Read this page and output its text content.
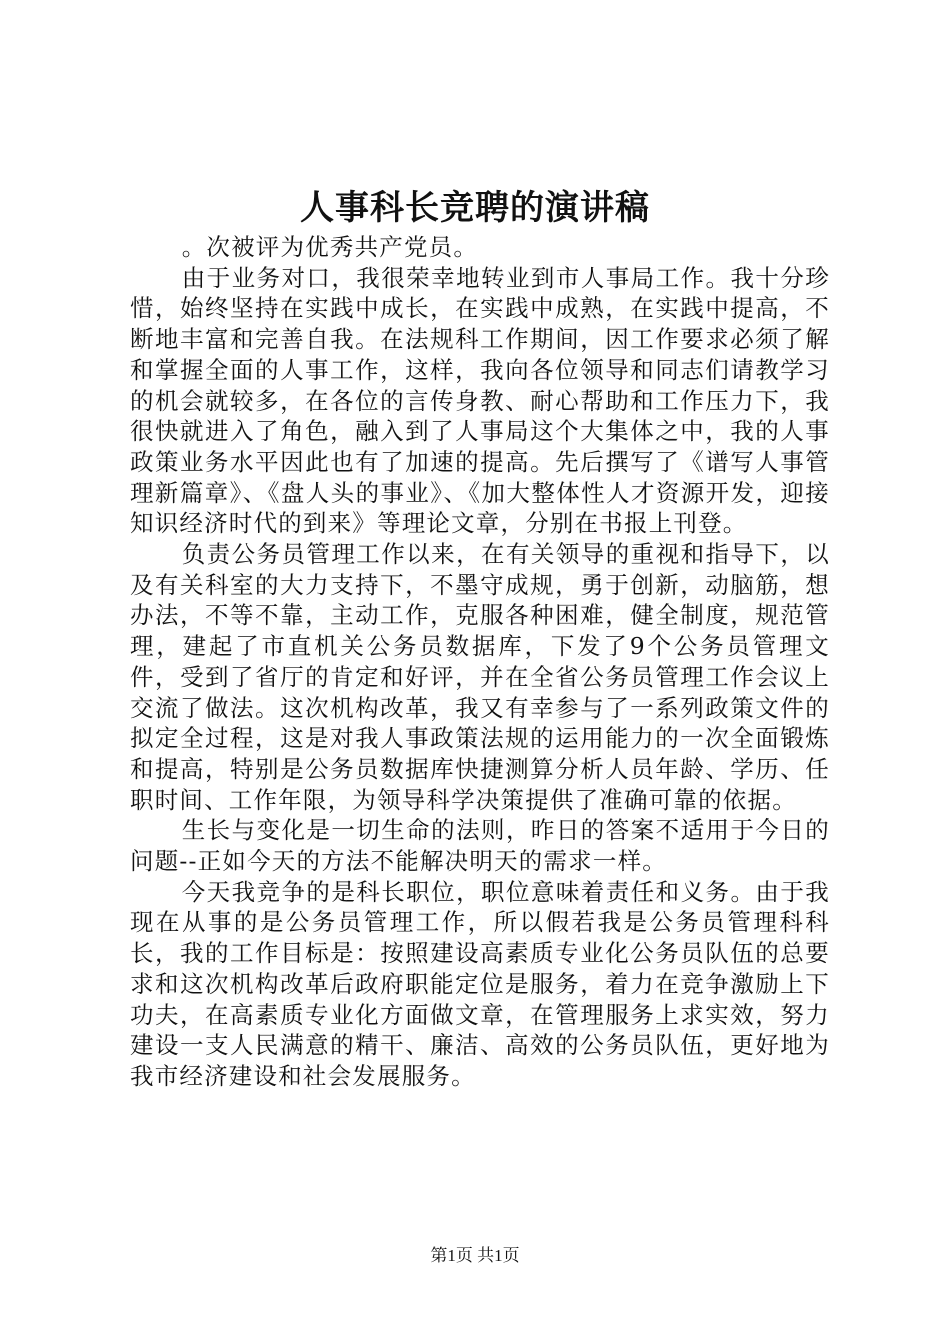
人事科长竞聘的演讲稿

。次被评为优秀共产党员。

由于业务对口，我很荣幸地转业到市人事局工作。我十分珍惜，始终坚持在实践中成长，在实践中成熟，在实践中提高，不断地丰富和完善自我。在法规科工作期间，因工作要求必须了解和掌握全面的人事工作，这样，我向各位领导和同志们请教学习的机会就较多，在各位的言传身教、耐心帮助和工作压力下，我很快就进入了角色，融入到了人事局这个大集体之中，我的人事政策业务水平因此也有了加速的提高。先后撰写了《谱写人事管理新篇章》、《盘人头的事业》、《加大整体性人才资源开发，迎接知识经济时代的到来》等理论文章，分别在书报上刊登。

负责公务员管理工作以来，在有关领导的重视和指导下，以及有关科室的大力支持下，不墨守成规，勇于创新，动脑筋，想办法，不等不靠，主动工作，克服各种困难，健全制度，规范管理，建起了市直机关公务员数据库，下发了9个公务员管理文件，受到了省厅的肯定和好评，并在全省公务员管理工作会议上交流了做法。这次机构改革，我又有幸参与了一系列政策文件的拟定全过程，这是对我人事政策法规的运用能力的一次全面锻炼和提高，特别是公务员数据库快捷测算分析人员年龄、学历、任职时间、工作年限，为领导科学决策提供了准确可靠的依据。

生长与变化是一切生命的法则，昨日的答案不适用于今日的问题--正如今天的方法不能解决明天的需求一样。

今天我竞争的是科长职位，职位意味着责任和义务。由于我现在从事的是公务员管理工作，所以假若我是公务员管理科科长，我的工作目标是：按照建设高素质专业化公务员队伍的总要求和这次机构改革后政府职能定位是服务，着力在竞争激励上下功夫，在高素质专业化方面做文章，在管理服务上求实效，努力建设一支人民满意的精干、廉洁、高效的公务员队伍，更好地为我市经济建设和社会发展服务。

第1页 共1页
